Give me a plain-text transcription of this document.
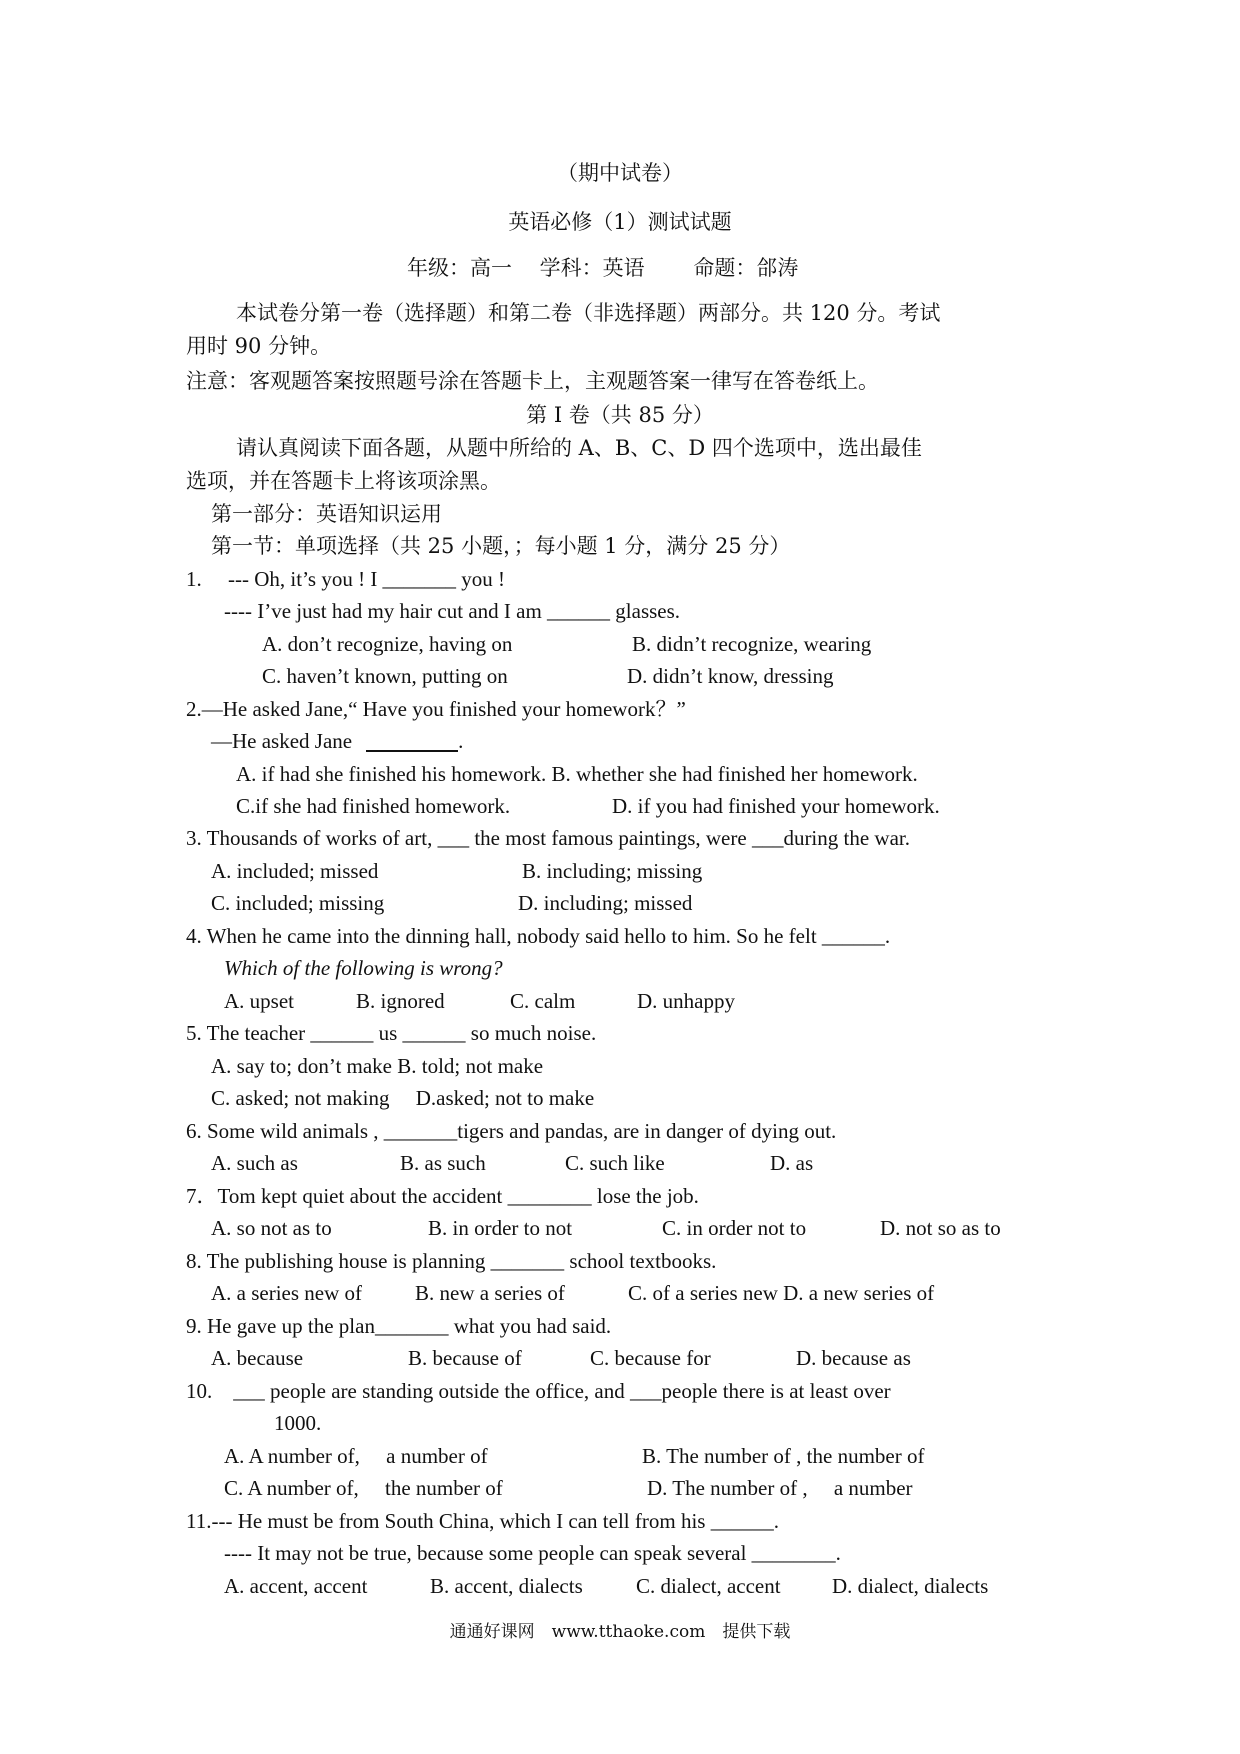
（期中试卷）
英语必修（1）测试试题
年级：高一　 学科：英语　　 命题：郃涛
本试卷分第一卷（选择题）和第二卷（非选择题）两部分。共 120 分。考试
用时 90 分钟。
注意：客观题答案按照题号涂在答题卡上，主观题答案一律写在答卷纸上。
第 I 卷（共 85 分）
请认真阅读下面各题，从题中所给的 A、B、C、D 四个选项中，选出最佳
选项，并在答题卡上将该项涂黑。
第一部分：英语知识运用
第一节：单项选择（共 25 小题，；每小题 1 分，满分 25 分）
1.　 --- Oh, it’s you ! I _______ you !
---- I’ve just had my hair cut and I am ______ glasses.
A. don’t recognize, having on	B. didn’t recognize, wearing
C. haven’t known, putting on	D. didn’t know, dressing
2.—He asked Jane,“ Have you finished your homework？”
—He asked Jane	.
A. if had she finished his homework. B. whether she had finished her homework.
C.if she had finished homework.	D. if you had finished your homework.
3. Thousands of works of art, ___ the most famous paintings, were ___during the war.
A. included; missed	B. including; missing
C. included; missing	D. including; missed
4. When he came into the dinning hall, nobody said hello to him. So he felt ______.
Which of the following is wrong?
A. upset	B. ignored	C. calm	D. unhappy
5. The teacher ______ us ______ so much noise.
A. say to; don’t make B. told; not make
C. asked; not making　 D.asked; not to make
6. Some wild animals , _______tigers and pandas, are in danger of dying out.
A. such as	B. as such	C. such like	D. as
7．Tom kept quiet about the accident ________ lose the job.
A. so not as to	B. in order to not	C. in order not to	D. not so as to
8. The publishing house is planning _______ school textbooks.
A. a series new of	B. new a series of	C. of a series new D. a new series of
9. He gave up the plan_______ what you had said.
A. because	B. because of	C. because for	D. because as
10.　___ people are standing outside the office, and ___people there is at least over
1000.
A. A number of,　 a number of	B. The number of , the number of
C. A number of,　 the number of	D. The number of ,　 a number
11.--- He must be from South China, which I can tell from his ______.
---- It may not be true, because some people can speak several ________.
A. accent, accent	B. accent, dialects	C. dialect, accent D. dialect, dialects
通通好课网　www.tthaoke.com　提供下载
